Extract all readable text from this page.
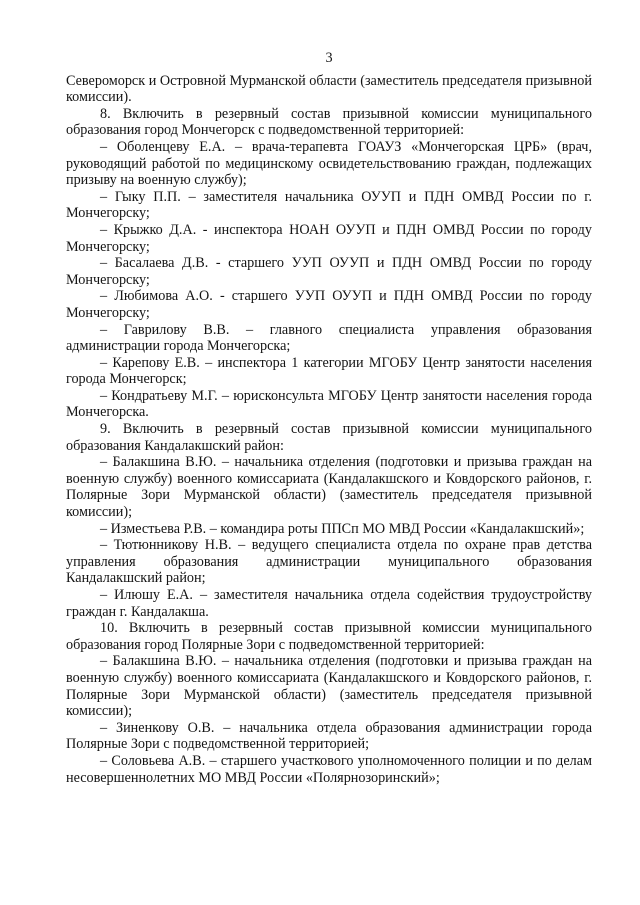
3

Североморск и Островной Мурманской области (заместитель председателя призывной комиссии).

8. Включить в резервный состав призывной комиссии муниципального образования город Мончегорск с подведомственной территорией:

– Оболенцеву Е.А. – врача-терапевта ГОАУЗ «Мончегорская ЦРБ» (врач, руководящий работой по медицинскому освидетельствованию граждан, подлежащих призыву на военную службу);

– Гыку П.П. – заместителя начальника ОУУП и ПДН ОМВД России по г. Мончегорску;

– Крыжко Д.А. - инспектора НОАН ОУУП и ПДН ОМВД России по городу Мончегорску;

– Басалаева Д.В. - старшего УУП ОУУП и ПДН ОМВД России по городу Мончегорску;

– Любимова А.О. - старшего УУП ОУУП и ПДН ОМВД России по городу Мончегорску;

– Гаврилову В.В. – главного специалиста управления образования администрации города Мончегорска;

– Карепову Е.В. – инспектора 1 категории МГОБУ Центр занятости населения города Мончегорск;

– Кондратьеву М.Г. – юрисконсульта МГОБУ Центр занятости населения города Мончегорска.

9. Включить в резервный состав призывной комиссии муниципального образования Кандалакшский район:

– Балакшина В.Ю. – начальника отделения (подготовки и призыва граждан на военную службу) военного комиссариата (Кандалакшского и Ковдорского районов, г. Полярные Зори Мурманской области) (заместитель председателя призывной комиссии);

– Изместьева Р.В. – командира роты ППСп МО МВД России «Кандалакшский»;

– Тютюнникову Н.В. – ведущего специалиста отдела по охране прав детства управления образования администрации муниципального образования Кандалакшский район;

– Илюшу Е.А. – заместителя начальника отдела содействия трудоустройству граждан г. Кандалакша.

10. Включить в резервный состав призывной комиссии муниципального образования город Полярные Зори с подведомственной территорией:

– Балакшина В.Ю. – начальника отделения (подготовки и призыва граждан на военную службу) военного комиссариата (Кандалакшского и Ковдорского районов, г. Полярные Зори Мурманской области) (заместитель председателя призывной комиссии);

– Зиненкову О.В. – начальника отдела образования администрации города Полярные Зори с подведомственной территорией;

– Соловьева А.В. – старшего участкового уполномоченного полиции и по делам несовершеннолетних МО МВД России «Полярнозоринский»;
